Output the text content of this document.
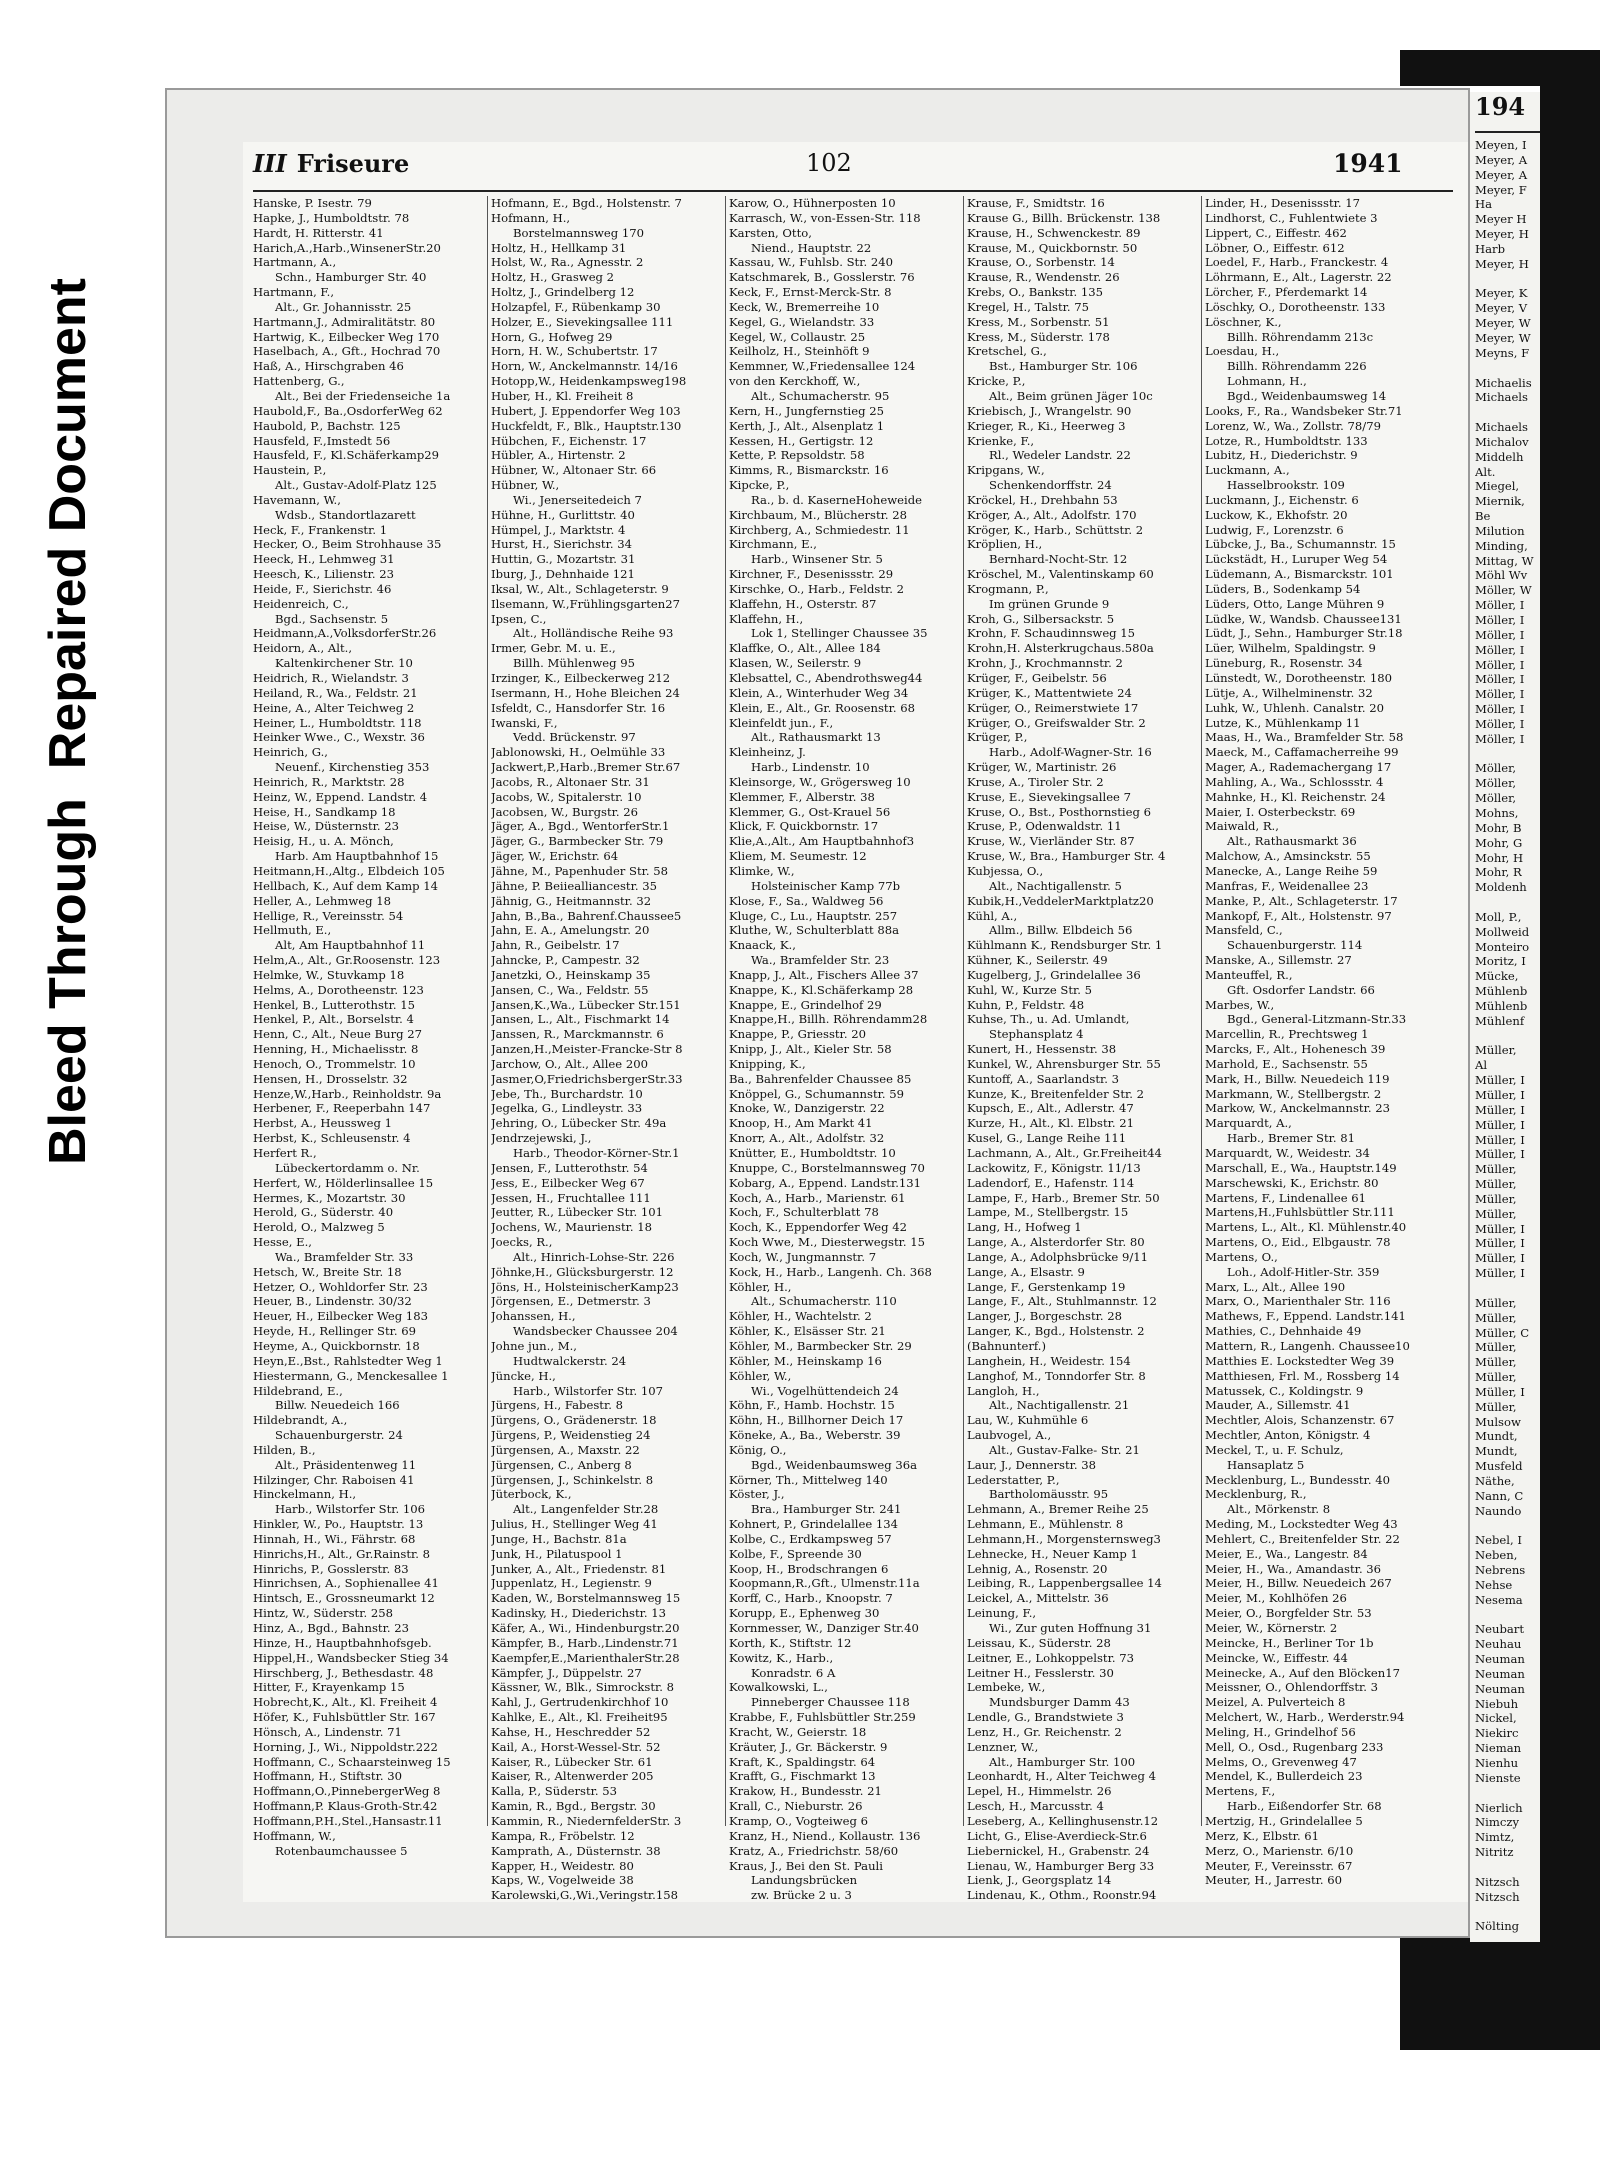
Bleed Through  Repaired Document
194
Meyen, I
Meyer, A
Meyer, A
Meyer, F
Ha
Meyer H
Meyer, H
Harb
Meyer, H
Meyer, K
Meyer, V
Meyer, W
Meyer, W
Meyns, F
Michaelis
Michaels
Michaels
Michalov
Middelh
Alt.
Miegel,
Miernik,
Be
Milution
Minding,
Mittag, W
Möhl Wv
Möller, W
Möller, I
Möller, I
Möller, I
Möller, I
Möller, I
Möller, I
Möller, I
Möller, I
Möller, I
Möller, I
Möller,
Möller,
Möller,
Mohns,
Mohr, B
Mohr, G
Mohr, H
Mohr, R
Moldenh
Moll, P.,
Mollweid
Monteiro
Moritz, I
Mücke,
Mühlenb
Mühlenb
Mühlenf
Müller,
Al
Müller, I
Müller, I
Müller, I
Müller, I
Müller, I
Müller, I
Müller,
Müller,
Müller,
Müller,
Müller, I
Müller, I
Müller, I
Müller, I
Müller,
Müller,
Müller, C
Müller,
Müller,
Müller,
Müller, I
Müller,
Mulsow
Mundt,
Mundt,
Musfeld
Näthe,
Nann, C
Naundo
Nebel, I
Neben,
Nebrens
Nehse
Nesema
Neubart
Neuhau
Neuman
Neuman
Neuman
Niebuh
Nickel,
Niekirc
Nieman
Nienhu
Nienste
Nierlich
Nimczy
Nimtz,
Nitritz
Nitzsch
Nitzsch
Nölting
III Friseure	102	1941
Hanske, P. Isestr. 79
Hapke, J., Humboldtstr. 78
Hardt, H. Ritterstr. 41
Harich,A.,Harb.,WinsenerStr.20
Hartmann, A.,
Schn., Hamburger Str. 40
Hartmann, F.,
Alt., Gr. Johannisstr. 25
Hartmann,J., Admiralitätstr. 80
Hartwig, K., Eilbecker Weg 170
Haselbach, A., Gft., Hochrad 70
Haß, A., Hirschgraben 46
Hattenberg, G.,
Alt., Bei der Friedenseiche 1a
Haubold,F., Ba.,OsdorferWeg 62
Haubold, P., Bachstr. 125
Hausfeld, F.,Imstedt 56
Hausfeld, F., Kl.Schäferkamp29
Haustein, P.,
Alt., Gustav-Adolf-Platz 125
Havemann, W.,
Wdsb., Standortlazarett
Heck, F., Frankenstr. 1
Hecker, O., Beim Strohhause 35
Heeck, H., Lehmweg 31
Heesch, K., Lilienstr. 23
Heide, F., Sierichstr. 46
Heidenreich, C.,
Bgd., Sachsenstr. 5
Heidmann,A.,VolksdorferStr.26
Heidorn, A., Alt.,
Kaltenkirchener Str. 10
Heidrich, R., Wielandstr. 3
Heiland, R., Wa., Feldstr. 21
Heine, A., Alter Teichweg 2
Heiner, L., Humboldtstr. 118
Heinker Wwe., C., Wexstr. 36
Heinrich, G.,
Neuenf., Kirchenstieg 353
Heinrich, R., Marktstr. 28
Heinz, W., Eppend. Landstr. 4
Heise, H., Sandkamp 18
Heise, W., Düsternstr. 23
Heisig, H., u. A. Mönch,
Harb. Am Hauptbahnhof 15
Heitmann,H.,Altg., Elbdeich 105
Hellbach, K., Auf dem Kamp 14
Heller, A., Lehmweg 18
Hellige, R., Vereinsstr. 54
Hellmuth, E.,
Alt, Am Hauptbahnhof 11
Helm,A., Alt., Gr.Roosenstr. 123
Helmke, W., Stuvkamp 18
Helms, A., Dorotheenstr. 123
Henkel, B., Lutterothstr. 15
Henkel, P., Alt., Borselstr. 4
Henn, C., Alt., Neue Burg 27
Henning, H., Michaelisstr. 8
Henoch, O., Trommelstr. 10
Hensen, H., Drosselstr. 32
Henze,W.,Harb., Reinholdstr. 9a
Herbener, F., Reeperbahn 147
Herbst, A., Heussweg 1
Herbst, K., Schleusenstr. 4
Herfert R.,
Lübeckertordamm o. Nr.
Herfert, W., Hölderlinsallee 15
Hermes, K., Mozartstr. 30
Herold, G., Süderstr. 40
Herold, O., Malzweg 5
Hesse, E.,
Wa., Bramfelder Str. 33
Hetsch, W., Breite Str. 18
Hetzer, O., Wohldorfer Str. 23
Heuer, B., Lindenstr. 30/32
Heuer, H., Eilbecker Weg 183
Heyde, H., Rellinger Str. 69
Heyme, A., Quickbornstr. 18
Heyn,E.,Bst., Rahlstedter Weg 1
Hiestermann, G., Menckesallee 1
Hildebrand, E.,
Billw. Neuedeich 166
Hildebrandt, A.,
Schauenburgerstr. 24
Hilden, B.,
Alt., Präsidentenweg 11
Hilzinger, Chr. Raboisen 41
Hinckelmann, H.,
Harb., Wilstorfer Str. 106
Hinkler, W., Po., Hauptstr. 13
Hinnah, H., Wi., Fährstr. 68
Hinrichs,H., Alt., Gr.Rainstr. 8
Hinrichs, P., Gosslerstr. 83
Hinrichsen, A., Sophienallee 41
Hintsch, E., Grossneumarkt 12
Hintz, W., Süderstr. 258
Hinz, A., Bgd., Bahnstr. 23
Hinze, H., Hauptbahnhofsgeb.
Hippel,H., Wandsbecker Stieg 34
Hirschberg, J., Bethesdastr. 48
Hitter, F., Krayenkamp 15
Hobrecht,K., Alt., Kl. Freiheit 4
Höfer, K., Fuhlsbüttler Str. 167
Hönsch, A., Lindenstr. 71
Horning, J., Wi., Nippoldstr.222
Hoffmann, C., Schaarsteinweg 15
Hoffmann, H., Stiftstr. 30
Hoffmann,O.,PinnebergerWeg 8
Hoffmann,P. Klaus-Groth-Str.42
Hoffmann,P.H.,Stel.,Hansastr.11
Hoffmann, W.,
Rotenbaumchaussee 5
Hofmann, E., Bgd., Holstenstr. 7
Hofmann, H.,
Borstelmannsweg 170
Holtz, H., Hellkamp 31
Holst, W., Ra., Agnesstr. 2
Holtz, H., Grasweg 2
Holtz, J., Grindelberg 12
Holzapfel, F., Rübenkamp 30
Holzer, E., Sievekingsallee 111
Horn, G., Hofweg 29
Horn, H. W., Schubertstr. 17
Horn, W., Anckelmannstr. 14/16
Hotopp,W., Heidenkampsweg198
Huber, H., Kl. Freiheit 8
Hubert, J. Eppendorfer Weg 103
Huckfeldt, F., Blk., Hauptstr.130
Hübchen, F., Eichenstr. 17
Hübler, A., Hirtenstr. 2
Hübner, W., Altonaer Str. 66
Hübner, W.,
Wi., Jenerseitedeich 7
Hühne, H., Gurlittstr. 40
Hümpel, J., Marktstr. 4
Hurst, H., Sierichstr. 34
Huttin, G., Mozartstr. 31
Iburg, J., Dehnhaide 121
Iksal, W., Alt., Schlageterstr. 9
Ilsemann, W.,Frühlingsgarten27
Ipsen, C.,
Alt., Holländische Reihe 93
Irmer, Gebr. M. u. E.,
Billh. Mühlenweg 95
Irzinger, K., Eilbeckerweg 212
Isermann, H., Hohe Bleichen 24
Isfeldt, C., Hansdorfer Str. 16
Iwanski, F.,
Vedd. Brückenstr. 97
Jablonowski, H., Oelmühle 33
Jackwert,P.,Harb.,Bremer Str.67
Jacobs, R., Altonaer Str. 31
Jacobs, W., Spitalerstr. 10
Jacobsen, W., Burgstr. 26
Jäger, A., Bgd., WentorferStr.1
Jäger, G., Barmbecker Str. 79
Jäger, W., Erichstr. 64
Jähne, M., Papenhuder Str. 58
Jähne, P. Beiiealliancestr. 35
Jähnig, G., Heitmannstr. 32
Jahn, B.,Ba., Bahrenf.Chaussee5
Jahn, E. A., Amelungstr. 20
Jahn, R., Geibelstr. 17
Jahncke, P., Campestr. 32
Janetzki, O., Heinskamp 35
Jansen, C., Wa., Feldstr. 55
Jansen,K.,Wa., Lübecker Str.151
Jansen, L., Alt., Fischmarkt 14
Janssen, R., Marckmannstr. 6
Janzen,H.,Meister-Francke-Str 8
Jarchow, O., Alt., Allee 200
Jasmer,O,FriedrichsbergerStr.33
Jebe, Th., Burchardstr. 10
Jegelka, G., Lindleystr. 33
Jehring, O., Lübecker Str. 49a
Jendrzejewski, J.,
Harb., Theodor-Körner-Str.1
Jensen, F., Lutterothstr. 54
Jess, E., Eilbecker Weg 67
Jessen, H., Fruchtallee 111
Jeutter, R., Lübecker Str. 101
Jochens, W., Maurienstr. 18
Joecks, R.,
Alt., Hinrich-Lohse-Str. 226
Jöhnke,H., Glücksburgerstr. 12
Jöns, H., HolsteinischerKamp23
Jörgensen, E., Detmerstr. 3
Johanssen, H.,
Wandsbecker Chaussee 204
Johne jun., M.,
Hudtwalckerstr. 24
Jüncke, H.,
Harb., Wilstorfer Str. 107
Jürgens, H., Fabestr. 8
Jürgens, O., Grädenerstr. 18
Jürgens, P., Weidenstieg 24
Jürgensen, A., Maxstr. 22
Jürgensen, C., Anberg 8
Jürgensen, J., Schinkelstr. 8
Jüterbock, K.,
Alt., Langenfelder Str.28
Julius, H., Stellinger Weg 41
Junge, H., Bachstr. 81a
Junk, H., Pilatuspool 1
Junker, A., Alt., Friedenstr. 81
Juppenlatz, H., Legienstr. 9
Kaden, W., Borstelmannsweg 15
Kadinsky, H., Diederichstr. 13
Käfer, A., Wi., Hindenburgstr.20
Kämpfer, B., Harb.,Lindenstr.71
Kaempfer,E.,MarienthalerStr.28
Kämpfer, J., Düppelstr. 27
Kässner, W., Blk., Simrockstr. 8
Kahl, J., Gertrudenkirchhof 10
Kahlke, E., Alt., Kl. Freiheit95
Kahse, H., Heschredder 52
Kail, A., Horst-Wessel-Str. 52
Kaiser, R., Lübecker Str. 61
Kaiser, R., Altenwerder 205
Kalla, P., Süderstr. 53
Kamin, R., Bgd., Bergstr. 30
Kammin, R., NiedernfelderStr. 3
Kampa, R., Fröbelstr. 12
Kamprath, A., Düsternstr. 38
Kapper, H., Weidestr. 80
Kaps, W., Vogelweide 38
Karolewski,G.,Wi.,Veringstr.158
Karow, O., Hühnerposten 10
Karrasch, W., von-Essen-Str. 118
Karsten, Otto,
Niend., Hauptstr. 22
Kassau, W., Fuhlsb. Str. 240
Katschmarek, B., Gosslerstr. 76
Keck, F., Ernst-Merck-Str. 8
Keck, W., Bremerreihe 10
Kegel, G., Wielandstr. 33
Kegel, W., Collaustr. 25
Keilholz, H., Steinhöft 9
Kemmner, W.,Friedensallee 124
von den Kerckhoff, W.,
Alt., Schumacherstr. 95
Kern, H., Jungfernstieg 25
Kerth, J., Alt., Alsenplatz 1
Kessen, H., Gertigstr. 12
Kette, P. Repsoldstr. 58
Kimms, R., Bismarckstr. 16
Kipcke, P.,
Ra., b. d. KaserneHoheweide
Kirchbaum, M., Blücherstr. 28
Kirchberg, A., Schmiedestr. 11
Kirchmann, E.,
Harb., Winsener Str. 5
Kirchner, F., Desenissstr. 29
Kirschke, O., Harb., Feldstr. 2
Klaffehn, H., Osterstr. 87
Klaffehn, H.,
Lok 1, Stellinger Chaussee 35
Klaffke, O., Alt., Allee 184
Klasen, W., Seilerstr. 9
Klebsattel, C., Abendrothsweg44
Klein, A., Winterhuder Weg 34
Klein, E., Alt., Gr. Roosenstr. 68
Kleinfeldt jun., F.,
Alt., Rathausmarkt 13
Kleinheinz, J.
Harb., Lindenstr. 10
Kleinsorge, W., Grögersweg 10
Klemmer, F., Alberstr. 38
Klemmer, G., Ost-Krauel 56
Klick, F. Quickbornstr. 17
Klie,A.,Alt., Am Hauptbahnhof3
Kliem, M. Seumestr. 12
Klimke, W.,
Holsteinischer Kamp 77b
Klose, F., Sa., Waldweg 56
Kluge, C., Lu., Hauptstr. 257
Kluthe, W., Schulterblatt 88a
Knaack, K.,
Wa., Bramfelder Str. 23
Knapp, J., Alt., Fischers Allee 37
Knappe, K., Kl.Schäferkamp 28
Knappe, E., Grindelhof 29
Knappe,H., Billh. Röhrendamm28
Knappe, P., Griesstr. 20
Knipp, J., Alt., Kieler Str. 58
Knipping, K.,
Ba., Bahrenfelder Chaussee 85
Knöppel, G., Schumannstr. 59
Knoke, W., Danzigerstr. 22
Knoop, H., Am Markt 41
Knorr, A., Alt., Adolfstr. 32
Knütter, E., Humboldtstr. 10
Knuppe, C., Borstelmannsweg 70
Kobarg, A., Eppend. Landstr.131
Koch, A., Harb., Marienstr. 61
Koch, F., Schulterblatt 78
Koch, K., Eppendorfer Weg 42
Koch Wwe, M., Diesterwegstr. 15
Koch, W., Jungmannstr. 7
Kock, H., Harb., Langenh. Ch. 368
Köhler, H.,
Alt., Schumacherstr. 110
Köhler, H., Wachtelstr. 2
Köhler, K., Elsässer Str. 21
Köhler, M., Barmbecker Str. 29
Köhler, M., Heinskamp 16
Köhler, W.,
Wi., Vogelhüttendeich 24
Köhn, F., Hamb. Hochstr. 15
Köhn, H., Billhorner Deich 17
Köneke, A., Ba., Weberstr. 39
König, O.,
Bgd., Weidenbaumsweg 36a
Körner, Th., Mittelweg 140
Köster, J.,
Bra., Hamburger Str. 241
Kohnert, P., Grindelallee 134
Kolbe, C., Erdkampsweg 57
Kolbe, F., Spreende 30
Koop, H., Brodschrangen 6
Koopmann,R.,Gft., Ulmenstr.11a
Korff, C., Harb., Knoopstr. 7
Korupp, E., Ephenweg 30
Kornmesser, W., Danziger Str.40
Korth, K., Stiftstr. 12
Kowitz, K., Harb.,
Konradstr. 6 A
Kowalkowski, L.,
Pinneberger Chaussee 118
Krabbe, F., Fuhlsbüttler Str.259
Kracht, W., Geierstr. 18
Kräuter, J., Gr. Bäckerstr. 9
Kraft, K., Spaldingstr. 64
Krafft, G., Fischmarkt 13
Krakow, H., Bundesstr. 21
Krall, C., Nieburstr. 26
Kramp, O., Vogteiweg 6
Kranz, H., Niend., Kollaustr. 136
Kratz, A., Friedrichstr. 58/60
Kraus, J., Bei den St. Pauli
Landungsbrücken
zw. Brücke 2 u. 3
Krause, F., Smidtstr. 16
Krause G., Billh. Brückenstr. 138
Krause, H., Schwenckestr. 89
Krause, M., Quickbornstr. 50
Krause, O., Sorbenstr. 14
Krause, R., Wendenstr. 26
Krebs, O., Bankstr. 135
Kregel, H., Talstr. 75
Kress, M., Sorbenstr. 51
Kress, M., Süderstr. 178
Kretschel, G.,
Bst., Hamburger Str. 106
Kricke, P.,
Alt., Beim grünen Jäger 10c
Kriebisch, J., Wrangelstr. 90
Krieger, R., Ki., Heerweg 3
Krienke, F.,
Rl., Wedeler Landstr. 22
Kripgans, W.,
Schenkendorffstr. 24
Kröckel, H., Drehbahn 53
Kröger, A., Alt., Adolfstr. 170
Kröger, K., Harb., Schüttstr. 2
Kröplien, H.,
Bernhard-Nocht-Str. 12
Kröschel, M., Valentinskamp 60
Krogmann, P.,
Im grünen Grunde 9
Kroh, G., Silbersackstr. 5
Krohn, F. Schaudinnsweg 15
Krohn,H. Alsterkrugchaus.580a
Krohn, J., Krochmannstr. 2
Krüger, F., Geibelstr. 56
Krüger, K., Mattentwiete 24
Krüger, O., Reimerstwiete 17
Krüger, O., Greifswalder Str. 2
Krüger, P.,
Harb., Adolf-Wagner-Str. 16
Krüger, W., Martinistr. 26
Kruse, A., Tiroler Str. 2
Kruse, E., Sievekingsallee 7
Kruse, O., Bst., Posthornstieg 6
Kruse, P., Odenwaldstr. 11
Kruse, W., Vierländer Str. 87
Kruse, W., Bra., Hamburger Str. 4
Kubjessa, O.,
Alt., Nachtigallenstr. 5
Kubik,H.,VeddelerMarktplatz20
Kühl, A.,
Allm., Billw. Elbdeich 56
Kühlmann K., Rendsburger Str. 1
Kühner, K., Seilerstr. 49
Kugelberg, J., Grindelallee 36
Kuhl, W., Kurze Str. 5
Kuhn, P., Feldstr. 48
Kuhse, Th., u. Ad. Umlandt,
Stephansplatz 4
Kunert, H., Hessenstr. 38
Kunkel, W., Ahrensburger Str. 55
Kuntoff, A., Saarlandstr. 3
Kunze, K., Breitenfelder Str. 2
Kupsch, E., Alt., Adlerstr. 47
Kurze, H., Alt., Kl. Elbstr. 21
Kusel, G., Lange Reihe 111
Lachmann, A., Alt., Gr.Freiheit44
Lackowitz, F., Königstr. 11/13
Ladendorf, E., Hafenstr. 114
Lampe, F., Harb., Bremer Str. 50
Lampe, M., Stellbergstr. 15
Lang, H., Hofweg 1
Lange, A., Alsterdorfer Str. 80
Lange, A., Adolphsbrücke 9/11
Lange, A., Elsastr. 9
Lange, F., Gerstenkamp 19
Lange, F., Alt., Stuhlmannstr. 12
Langer, J., Borgeschstr. 28
Langer, K., Bgd., Holstenstr. 2
(Bahnunterf.)
Langhein, H., Weidestr. 154
Langhof, M., Tonndorfer Str. 8
Langloh, H.,
Alt., Nachtigallenstr. 21
Lau, W., Kuhmühle 6
Laubvogel, A.,
Alt., Gustav-Falke- Str. 21
Laur, J., Dennerstr. 38
Lederstatter, P.,
Bartholomäusstr. 95
Lehmann, A., Bremer Reihe 25
Lehmann, E., Mühlenstr. 8
Lehmann,H., Morgensternsweg3
Lehnecke, H., Neuer Kamp 1
Lehnig, A., Rosenstr. 20
Leibing, R., Lappenbergsallee 14
Leickel, A., Mittelstr. 36
Leinung, F.,
Wi., Zur guten Hoffnung 31
Leissau, K., Süderstr. 28
Leitner, E., Lohkoppelstr. 73
Leitner H., Fesslerstr. 30
Lembeke, W.,
Mundsburger Damm 43
Lendle, G., Brandstwiete 3
Lenz, H., Gr. Reichenstr. 2
Lenzner, W.,
Alt., Hamburger Str. 100
Leonhardt, H., Alter Teichweg 4
Lepel, H., Himmelstr. 26
Lesch, H., Marcusstr. 4
Leseberg, A., Kellinghusenstr.12
Licht, G., Elise-Averdieck-Str.6
Liebernickel, H., Grabenstr. 24
Lienau, W., Hamburger Berg 33
Lienk, J., Georgsplatz 14
Lindenau, K., Othm., Roonstr.94
Linder, H., Desenissstr. 17
Lindhorst, C., Fuhlentwiete 3
Lippert, C., Eiffestr. 462
Löbner, O., Eiffestr. 612
Loedel, F., Harb., Franckestr. 4
Löhrmann, E., Alt., Lagerstr. 22
Lörcher, F., Pferdemarkt 14
Löschky, O., Dorotheenstr. 133
Löschner, K.,
Billh. Röhrendamm 213c
Loesdau, H.,
Billh. Röhrendamm 226
Lohmann, H.,
Bgd., Weidenbaumsweg 14
Looks, F., Ra., Wandsbeker Str.71
Lorenz, W., Wa., Zollstr. 78/79
Lotze, R., Humboldtstr. 133
Lubitz, H., Diederichstr. 9
Luckmann, A.,
Hasselbrookstr. 109
Luckmann, J., Eichenstr. 6
Luckow, K., Ekhofstr. 20
Ludwig, F., Lorenzstr. 6
Lübcke, J., Ba., Schumannstr. 15
Lückstädt, H., Luruper Weg 54
Lüdemann, A., Bismarckstr. 101
Lüders, B., Sodenkamp 54
Lüders, Otto, Lange Mühren 9
Lüdke, W., Wandsb. Chaussee131
Lüdt, J., Sehn., Hamburger Str.18
Lüer, Wilhelm, Spaldingstr. 9
Lüneburg, R., Rosenstr. 34
Lünstedt, W., Dorotheenstr. 180
Lütje, A., Wilhelminenstr. 32
Luhk, W., Uhlenh. Canalstr. 20
Lutze, K., Mühlenkamp 11
Maas, H., Wa., Bramfelder Str. 58
Maeck, M., Caffamacherreihe 99
Mager, A., Rademachergang 17
Mahling, A., Wa., Schlossstr. 4
Mahnke, H., Kl. Reichenstr. 24
Maier, I. Osterbeckstr. 69
Maiwald, R.,
Alt., Rathausmarkt 36
Malchow, A., Amsinckstr. 55
Manecke, A., Lange Reihe 59
Manfras, F., Weidenallee 23
Manke, P., Alt., Schlageterstr. 17
Mankopf, F., Alt., Holstenstr. 97
Mansfeld, C.,
Schauenburgerstr. 114
Manske, A., Sillemstr. 27
Manteuffel, R.,
Gft. Osdorfer Landstr. 66
Marbes, W.,
Bgd., General-Litzmann-Str.33
Marcellin, R., Prechtsweg 1
Marcks, F., Alt., Hohenesch 39
Marhold, E., Sachsenstr. 55
Mark, H., Billw. Neuedeich 119
Markmann, W., Stellbergstr. 2
Markow, W., Anckelmannstr. 23
Marquardt, A.,
Harb., Bremer Str. 81
Marquardt, W., Weidestr. 34
Marschall, E., Wa., Hauptstr.149
Marschewski, K., Erichstr. 80
Martens, F., Lindenallee 61
Martens,H.,Fuhlsbüttler Str.111
Martens, L., Alt., Kl. Mühlenstr.40
Martens, O., Eid., Elbgaustr. 78
Martens, O.,
Loh., Adolf-Hitler-Str. 359
Marx, L., Alt., Allee 190
Marx, O., Marienthaler Str. 116
Mathews, F., Eppend. Landstr.141
Mathies, C., Dehnhaide 49
Mattern, R., Langenh. Chaussee10
Matthies E. Lockstedter Weg 39
Matthiesen, Frl. M., Rossberg 14
Matussek, C., Koldingstr. 9
Mauder, A., Sillemstr. 41
Mechtler, Alois, Schanzenstr. 67
Mechtler, Anton, Königstr. 4
Meckel, T., u. F. Schulz,
Hansaplatz 5
Mecklenburg, L., Bundesstr. 40
Mecklenburg, R.,
Alt., Mörkenstr. 8
Meding, M., Lockstedter Weg 43
Mehlert, C., Breitenfelder Str. 22
Meier, E., Wa., Langestr. 84
Meier, H., Wa., Amandastr. 36
Meier, H., Billw. Neuedeich 267
Meier, M., Kohlhöfen 26
Meier, O., Borgfelder Str. 53
Meier, W., Körnerstr. 2
Meincke, H., Berliner Tor 1b
Meincke, W., Eiffestr. 44
Meinecke, A., Auf den Blöcken17
Meissner, O., Ohlendorffstr. 3
Meizel, A. Pulverteich 8
Melchert, W., Harb., Werderstr.94
Meling, H., Grindelhof 56
Mell, O., Osd., Rugenbarg 233
Melms, O., Grevenweg 47
Mendel, K., Bullerdeich 23
Mertens, F.,
Harb., Eißendorfer Str. 68
Mertzig, H., Grindelallee 5
Merz, K., Elbstr. 61
Merz, O., Marienstr. 6/10
Meuter, F., Vereinsstr. 67
Meuter, H., Jarrestr. 60
